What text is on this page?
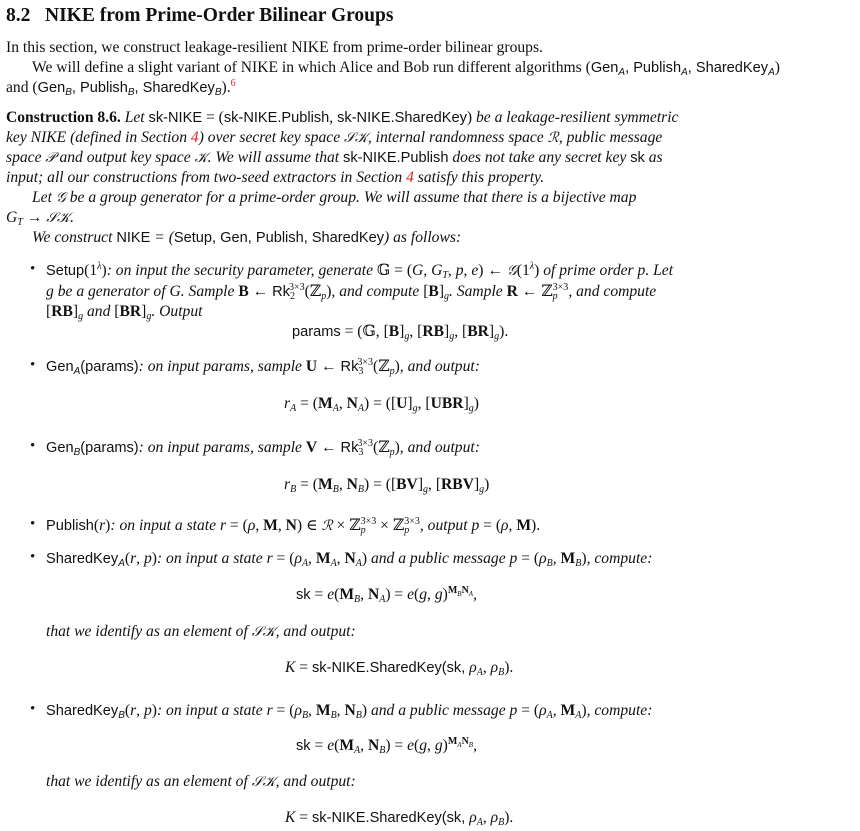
8.2 NIKE from Prime-Order Bilinear Groups
In this section, we construct leakage-resilient NIKE from prime-order bilinear groups.
We will define a slight variant of NIKE in which Alice and Bob run different algorithms (Gen$_A$, Publish$_A$, SharedKey$_A$)
and (Gen$_B$, Publish$_B$, SharedKey$_B$).$^6$
Construction 8.6. Let sk-NIKE = (sk-NIKE.Publish, sk-NIKE.SharedKey) be a leakage-resilient symmetric
key NIKE (defined in Section 4) over secret key space 𝒮𝒦, internal randomness space ℛ, public message
space 𝒫 and output key space 𝒦. We will assume that sk-NIKE.Publish does not take any secret key sk as
input; all our constructions from two-seed extractors in Section 4 satisfy this property.
Let 𝒢 be a group generator for a prime-order group. We will assume that there is a bijective map
$G_T$ → 𝒮𝒦.
We construct NIKE = (Setup, Gen, Publish, SharedKey) as follows:
• $Setup(1^\lambda)$: on input the security parameter, generate 𝔾 = (G, $G_T$, p, e) ← $𝒢(1^\lambda)$ of prime order p. Let
g be a generator of G. Sample B ← $Rk_2^{3\times 3}(ℤ_p)$, and compute $[B]_g$. Sample R ← ℤ$_p^{3\times 3}$, and compute
$[RB]_g$ and $[BR]_g$. Output
params = (𝔾, $[B]_g$, $[RB]_g$, $[BR]_g$).
• Gen$_A$(params): on input params, sample U ← $Rk_3^{3\times 3}(ℤ_p)$, and output:
$r_A = (M_A$, $N_A) = ([U]_g$, $[UBR]_g$)
• Gen$_B$(params): on input params, sample V ← $Rk_3^{3\times 3}(ℤ_p)$, and output:
$r_B = (M_B$, $N_B) = ([BV]_g$, $[RBV]_g$)
• Publish(r): on input a state r = (ρ, M, N) ∈ ℛ × ℤ$_p^{3\times 3}$ × ℤ$_p^{3\times 3}$, output p = (ρ, M).
• SharedKey$_A$(r, p): on input a state $r = (\rho_A$, $M_A$, $N_A$) and a public message $p = (\rho_B$, $M_B$), compute:
sk = $e(M_B$, $N_A) = e(g$, g)$^{M_BN_A}$,
that we identify as an element of 𝒮𝒦, and output:
K = sk-NIKE.SharedKey(sk, $\rho_A$, $\rho_B$).
• SharedKey$_B$(r, p): on input a state $r = (\rho_B$, $M_B$, $N_B$) and a public message $p = (\rho_A$, $M_A$), compute:
sk = $e(M_A$, $N_B) = e(g$, g)$^{M_AN_B}$,
that we identify as an element of 𝒮𝒦, and output:
K = sk-NIKE.SharedKey(sk, $\rho_A$, $\rho_B$).
